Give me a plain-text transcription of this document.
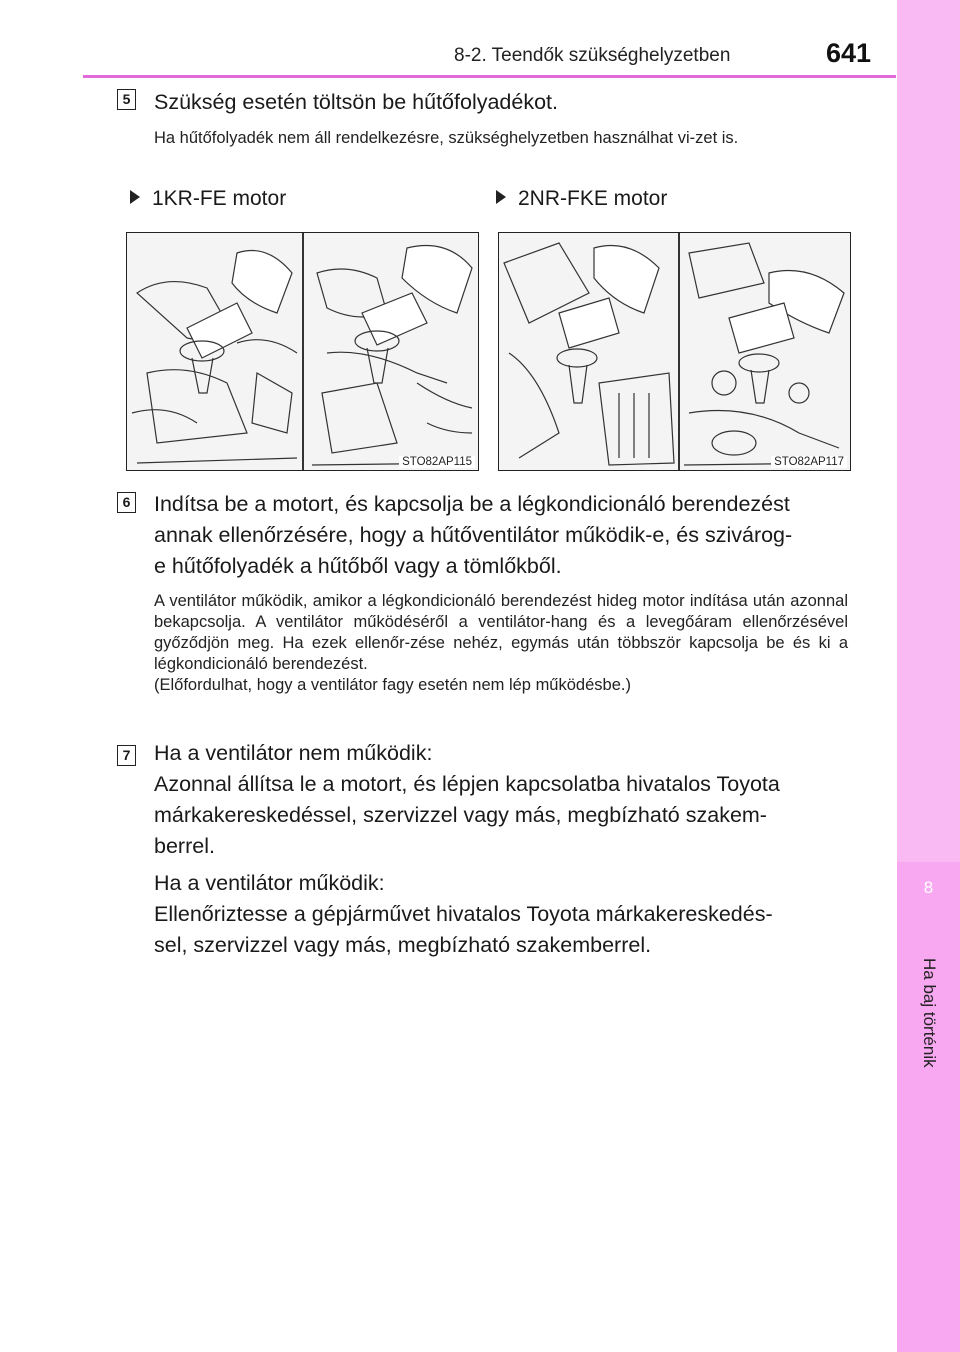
8-2. Teendők szükséghelyzetben	641
8
Ha baj történik
5 Szükség esetén töltsön be hűtőfolyadékot.
Ha hűtőfolyadék nem áll rendelkezésre, szükséghelyzetben használhat vi-zet is.
1KR-FE motor	2NR-FKE motor
STO82AP115	STO82AP117
6 Indítsa be a motort, és kapcsolja be a légkondicionáló berendezést
annak ellenőrzésére, hogy a hűtőventilátor működik-e, és szivárog-
e hűtőfolyadék a hűtőből vagy a tömlőkből.
A ventilátor működik, amikor a légkondicionáló berendezést hideg motor indítása után azonnal bekapcsolja. A ventilátor működéséről a ventilátor-hang és a levegőáram ellenőrzésével győződjön meg. Ha ezek ellenőr-zése nehéz, egymás után többször kapcsolja be és ki a légkondicionáló berendezést.
(Előfordulhat, hogy a ventilátor fagy esetén nem lép működésbe.)
7 Ha a ventilátor nem működik:
Azonnal állítsa le a motort, és lépjen kapcsolatba hivatalos Toyota
márkakereskedéssel, szervizzel vagy más, megbízható szakem-
berrel.
Ha a ventilátor működik:
Ellenőriztesse a gépjárművet hivatalos Toyota márkakereskedés-
sel, szervizzel vagy más, megbízható szakemberrel.
